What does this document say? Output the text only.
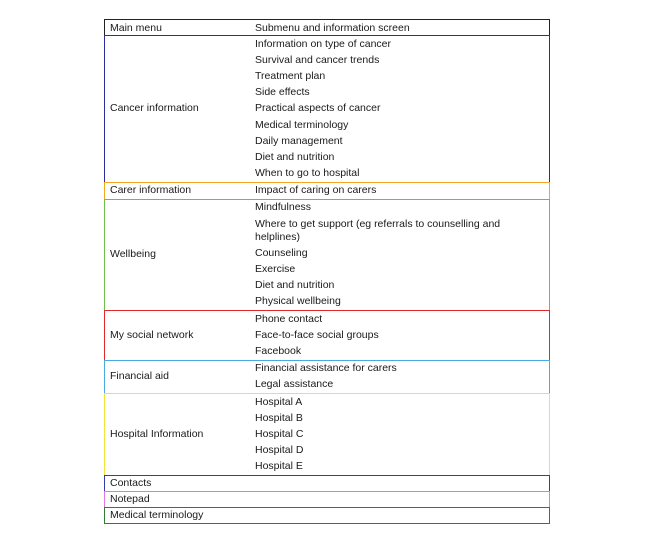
Main menu	Submenu and information screen
Cancer information
Information on type of cancer
Survival and cancer trends
Treatment plan
Side effects
Practical aspects of cancer
Medical terminology
Daily management
Diet and nutrition
When to go to hospital
Carer information	Impact of caring on carers
Wellbeing
Mindfulness
Where to get support (eg referrals to counselling and helplines)
Counseling
Exercise
Diet and nutrition
Physical wellbeing
My social network
Phone contact
Face-to-face social groups
Facebook
Financial aid
Financial assistance for carers
Legal assistance
Hospital Information
Hospital A
Hospital B
Hospital C
Hospital D
Hospital E
Contacts
Notepad
Medical terminology
